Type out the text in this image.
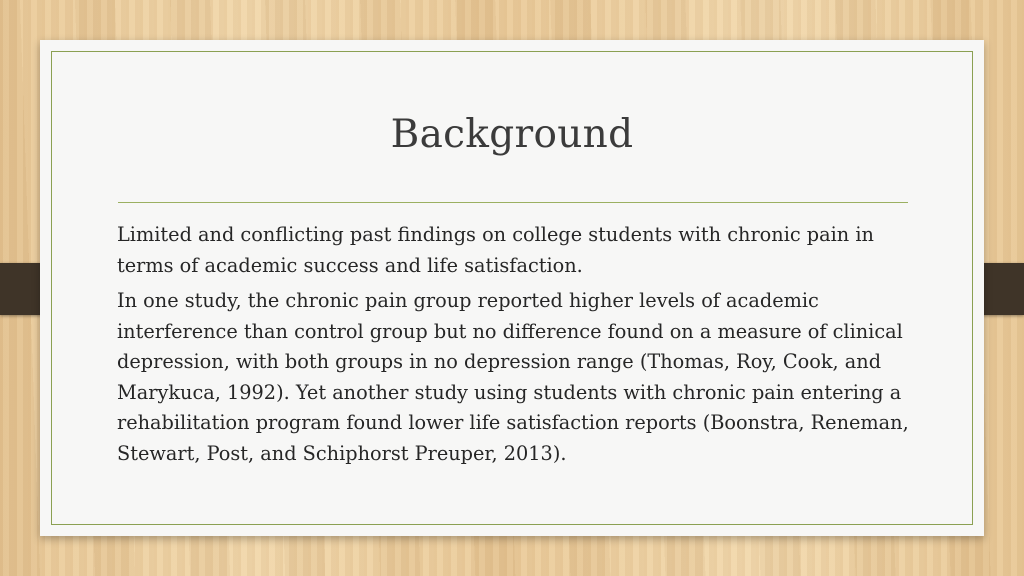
Background

Limited and conflicting past findings on college students with chronic pain in terms of academic success and life satisfaction.

In one study, the chronic pain group reported higher levels of academic interference than control group but no difference found on a measure of clinical depression, with both groups in no depression range (Thomas, Roy, Cook, and Marykuca, 1992). Yet another study using students with chronic pain entering a rehabilitation program found lower life satisfaction reports (Boonstra, Reneman, Stewart, Post, and Schiphorst Preuper, 2013).
